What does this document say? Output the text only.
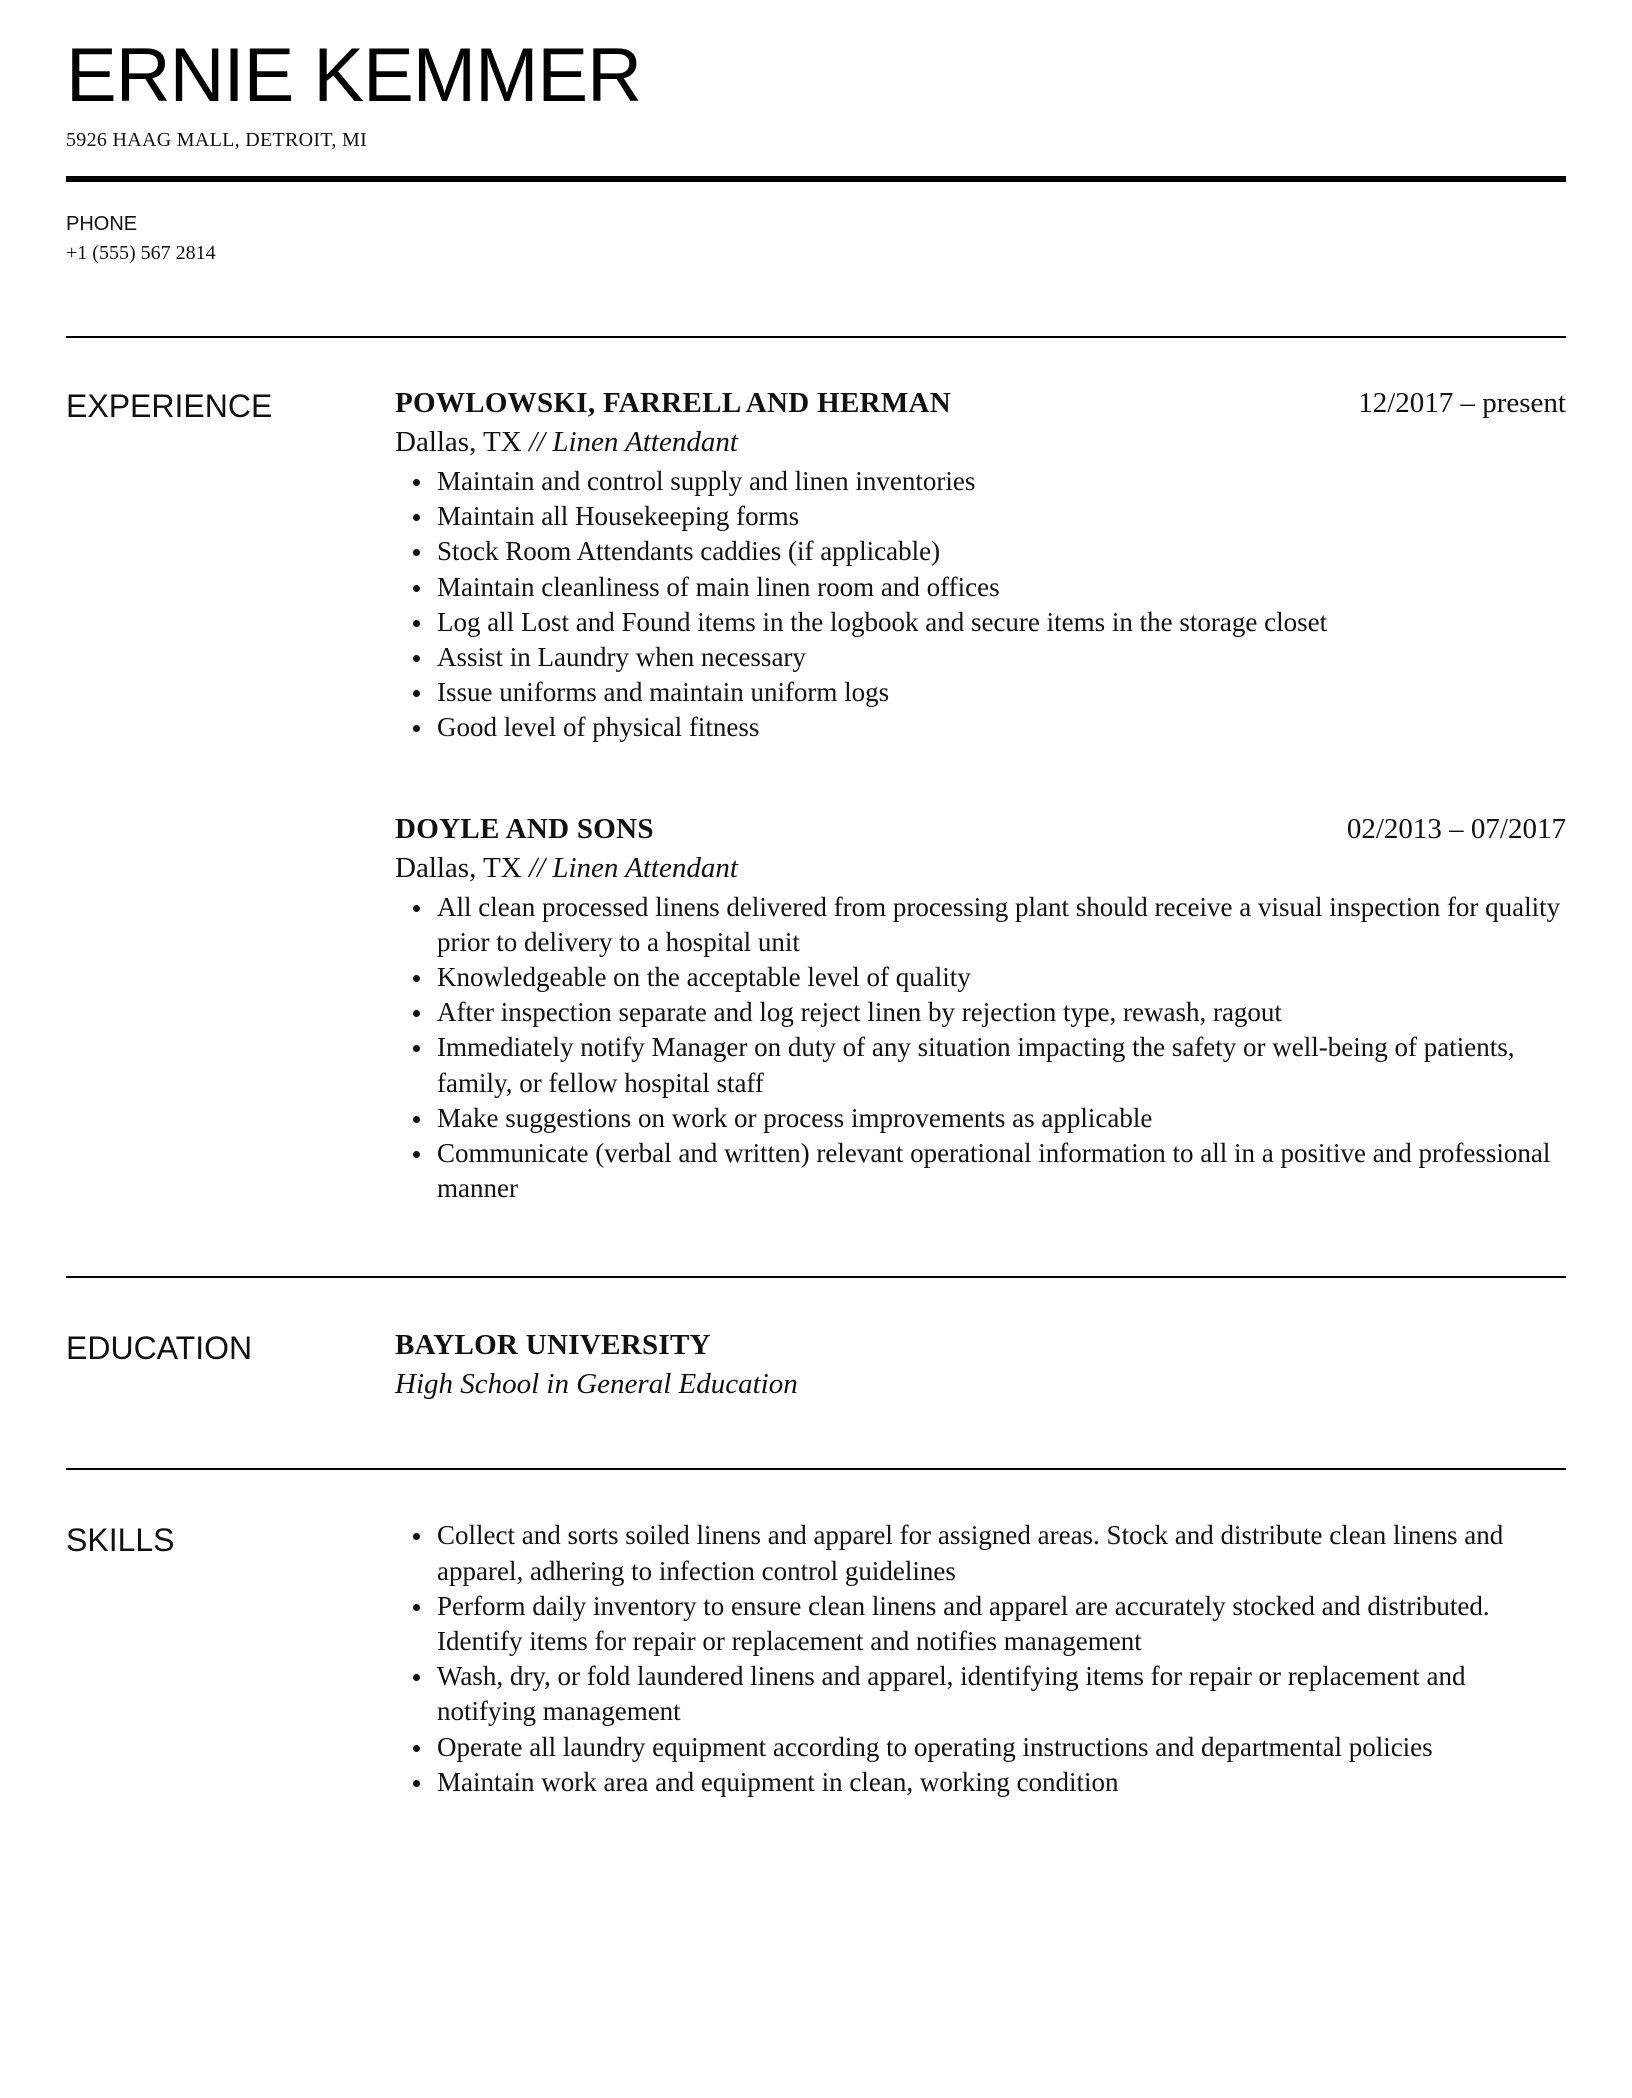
ERNIE KEMMER
5926 HAAG MALL, DETROIT, MI
PHONE
+1 (555) 567 2814
EXPERIENCE	POWLOWSKI, FARRELL AND HERMAN	12/2017 – present
Dallas, TX // Linen Attendant
Maintain and control supply and linen inventories
Maintain all Housekeeping forms
Stock Room Attendants caddies (if applicable)
Maintain cleanliness of main linen room and offices
Log all Lost and Found items in the logbook and secure items in the storage closet
Assist in Laundry when necessary
Issue uniforms and maintain uniform logs
Good level of physical fitness
DOYLE AND SONS	02/2013 – 07/2017
Dallas, TX // Linen Attendant
All clean processed linens delivered from processing plant should receive a visual inspection for quality prior to delivery to a hospital unit
Knowledgeable on the acceptable level of quality
After inspection separate and log reject linen by rejection type, rewash, ragout
Immediately notify Manager on duty of any situation impacting the safety or well-being of patients, family, or fellow hospital staff
Make suggestions on work or process improvements as applicable
Communicate (verbal and written) relevant operational information to all in a positive and professional manner
EDUCATION	BAYLOR UNIVERSITY
High School in General Education
SKILLS	Collect and sorts soiled linens and apparel for assigned areas. Stock and distribute clean linens and apparel, adhering to infection control guidelines
Perform daily inventory to ensure clean linens and apparel are accurately stocked and distributed. Identify items for repair or replacement and notifies management
Wash, dry, or fold laundered linens and apparel, identifying items for repair or replacement and notifying management
Operate all laundry equipment according to operating instructions and departmental policies
Maintain work area and equipment in clean, working condition
